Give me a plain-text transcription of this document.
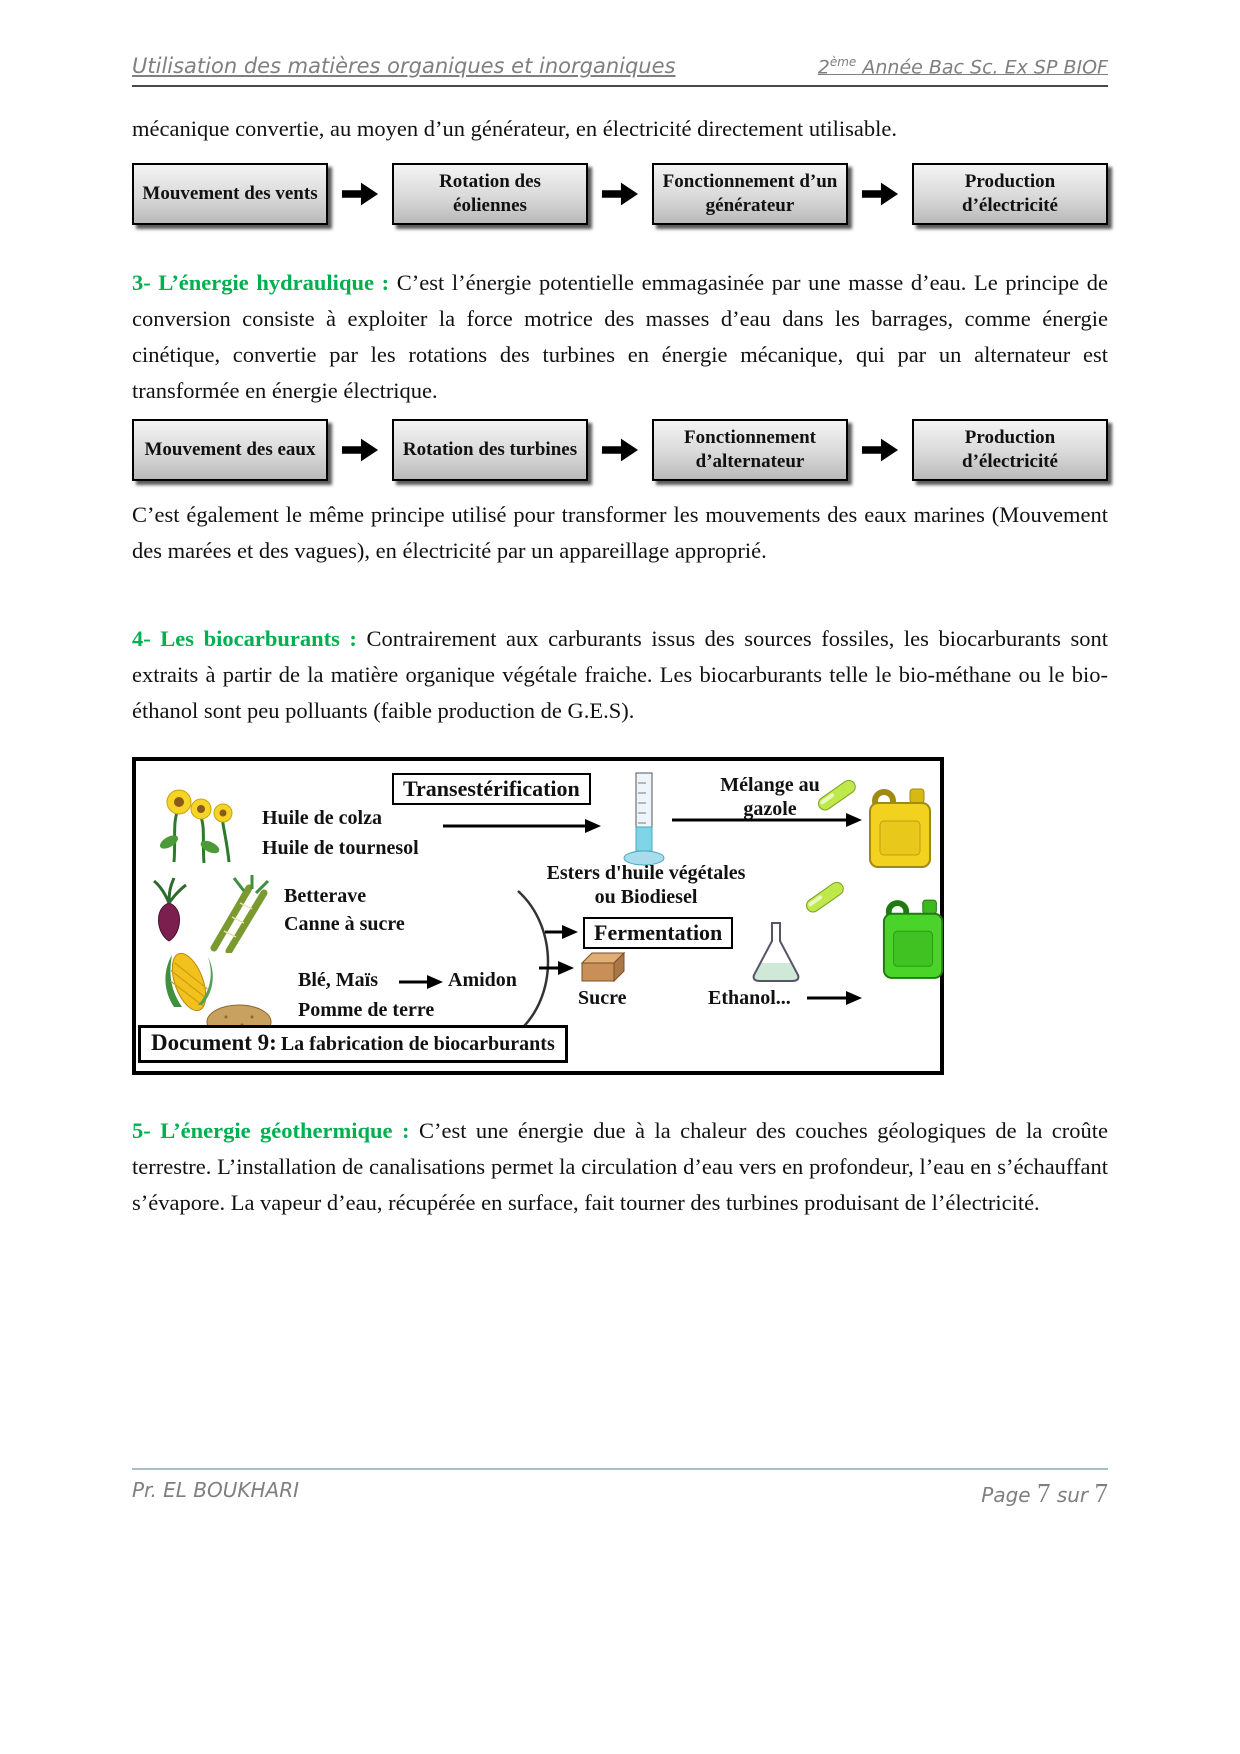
Utilisation des matières organiques et inorganiques	2ème Année Bac Sc. Ex SP BIOF

mécanique convertie, au moyen d’un générateur, en électricité directement utilisable.

Mouvement des vents
Rotation des éoliennes
Fonctionnement d’un générateur
Production d’électricité

3- L’énergie hydraulique : C’est l’énergie potentielle emmagasinée par une masse d’eau. Le principe de conversion consiste à exploiter la force motrice des masses d’eau dans les barrages, comme énergie cinétique, convertie par les rotations des turbines en énergie mécanique, qui par un alternateur est transformée en énergie électrique.

Mouvement des eaux	Rotation des turbines
Fonctionnement d’alternateur
Production d’électricité

C’est également le même principe utilisé pour transformer les mouvements des eaux marines (Mouvement des marées et des vagues), en électricité par un appareillage approprié.

4- Les biocarburants : Contrairement aux carburants issus des sources fossiles, les biocarburants sont extraits à partir de la matière organique végétale fraiche. Les biocarburants telle le bio-méthane ou le bio-éthanol sont peu polluants (faible production de G.E.S).

Transestérification	Mélange au gazole
Huile de colza
Huile de tournesol
Esters d'huile végétales
ou Biodiesel
Betterave
Canne à sucre	Fermentation
Blé, Maïs	Amidon
Pomme de terre
Sucre	Ethanol...
Document 9: La fabrication de biocarburants

5- L’énergie géothermique : C’est une énergie due à la chaleur des couches géologiques de la croûte terrestre. L’installation de canalisations permet la circulation d’eau vers en profondeur, l’eau en s’échauffant s’évapore. La vapeur d’eau, récupérée en surface, fait tourner des turbines produisant de l’électricité.

Pr. EL BOUKHARI	Page 7 sur 7
